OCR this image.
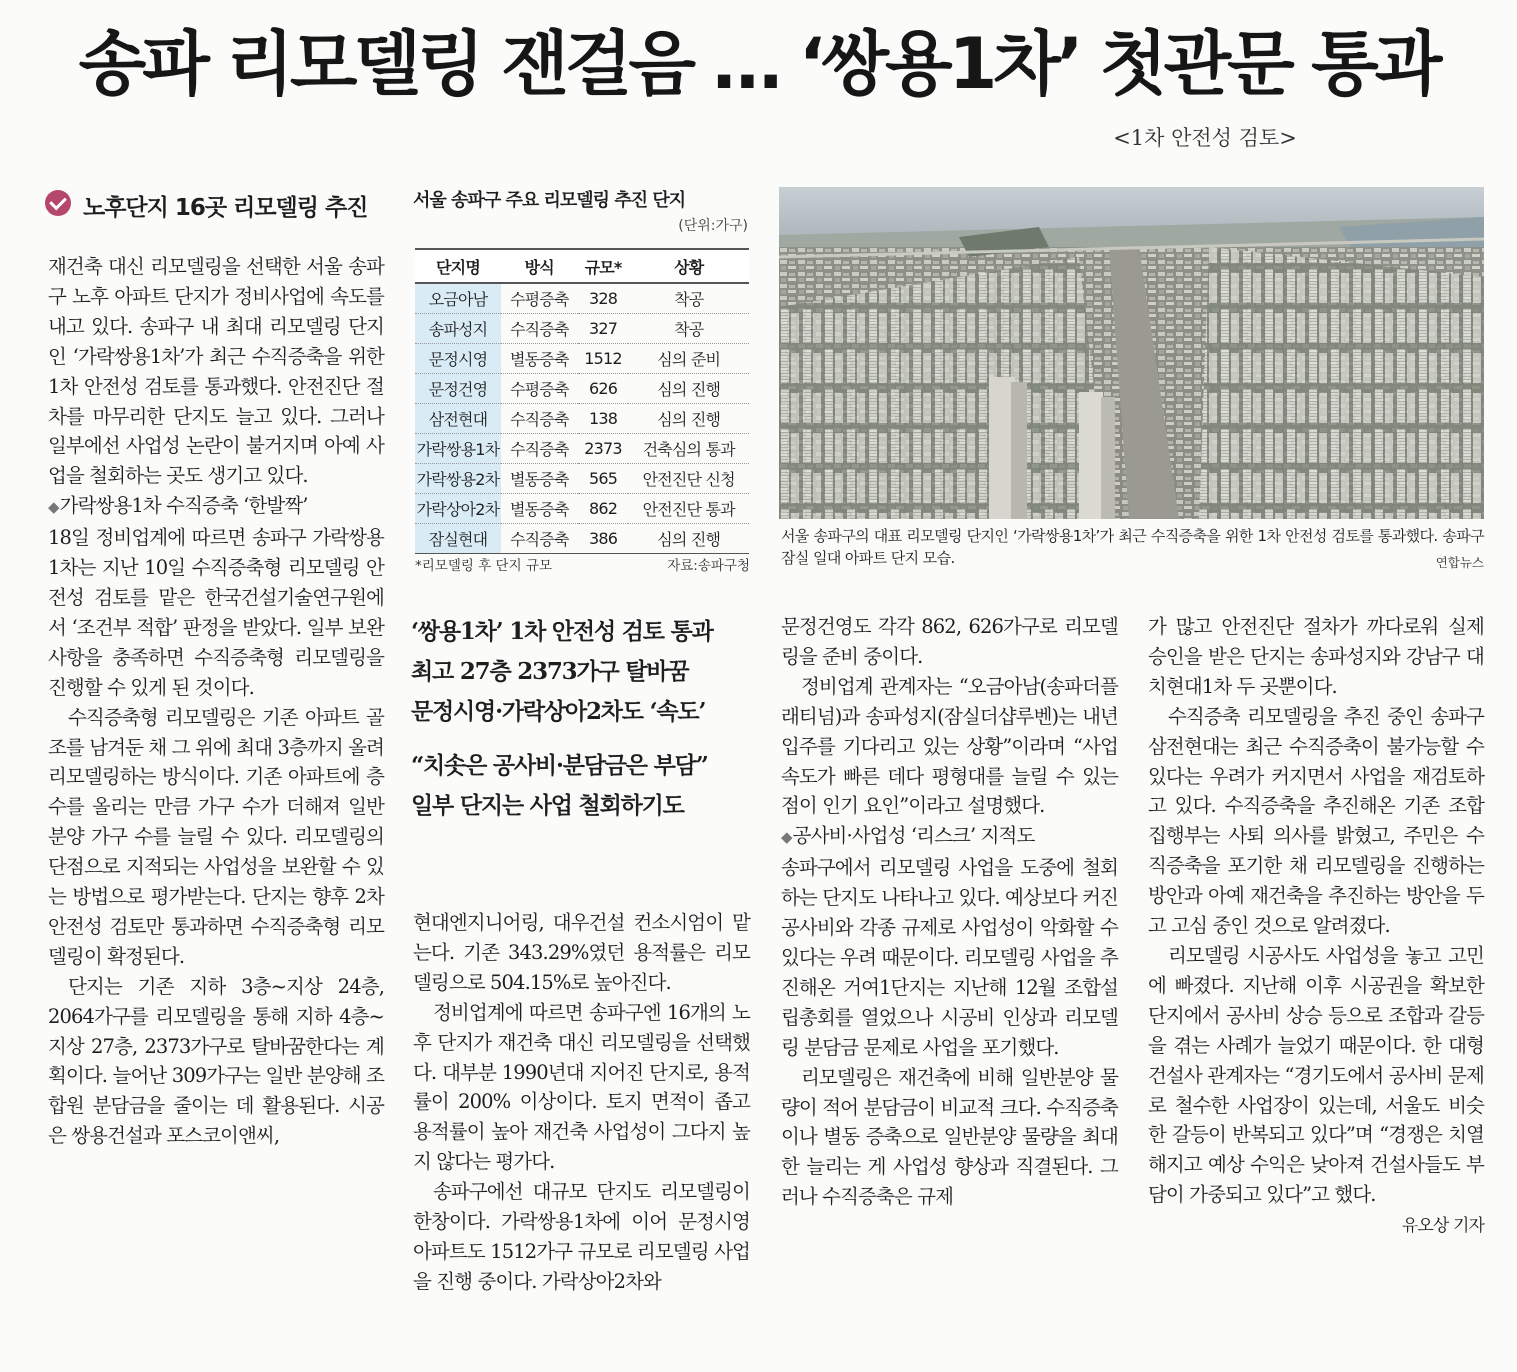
송파 리모델링 잰걸음 … ‘쌍용1차’ 첫관문 통과
<1차 안전성 검토>
노후단지 16곳 리모델링 추진

재건축 대신 리모델링을 선택한 서울 송파구 노후 아파트 단지가 정비사업에 속도를 내고 있다. 송파구 내 최대 리모델링 단지인 ‘가락쌍용1차’가 최근 수직증축을 위한 1차 안전성 검토를 통과했다. 안전진단 절차를 마무리한 단지도 늘고 있다. 그러나 일부에선 사업성 논란이 불거지며 아예 사업을 철회하는 곳도 생기고 있다.

◆ 가락쌍용1차 수직증축 ‘한발짝’

18일 정비업계에 따르면 송파구 가락쌍용1차는 지난 10일 수직증축형 리모델링 안전성 검토를 맡은 한국건설기술연구원에서 ‘조건부 적합’ 판정을 받았다. 일부 보완사항을 충족하면 수직증축형 리모델링을 진행할 수 있게 된 것이다.

수직증축형 리모델링은 기존 아파트 골조를 남겨둔 채 그 위에 최대 3층까지 올려 리모델링하는 방식이다. 기존 아파트에 층수를 올리는 만큼 가구 수가 더해져 일반분양 가구 수를 늘릴 수 있다. 리모델링의 단점으로 지적되는 사업성을 보완할 수 있는 방법으로 평가받는다. 단지는 향후 2차 안전성 검토만 통과하면 수직증축형 리모델링이 확정된다.

단지는 기존 지하 3층~지상 24층, 2064가구를 리모델링을 통해 지하 4층~지상 27층, 2373가구로 탈바꿈한다는 계획이다. 늘어난 309가구는 일반 분양해 조합원 분담금을 줄이는 데 활용된다. 시공은 쌍용건설과 포스코이앤씨,

서울 송파구 주요 리모델링 추진 단지
(단위:가구)
단지명	방식	규모*	상황
오금아남	수평증축	328	착공
송파성지	수직증축	327	착공
문정시영	별동증축	1512	심의 준비
문정건영	수평증축	626	심의 진행
삼전현대	수직증축	138	심의 진행
가락쌍용1차	수직증축	2373	건축심의 통과
가락쌍용2차	별동증축	565	안전진단 신청
가락상아2차	별동증축	862	안전진단 통과
잠실현대	수직증축	386	심의 진행
*리모델링 후 단지 규모	자료:송파구청
서울 송파구의 대표 리모델링 단지인 ‘가락쌍용1차’가 최근 수직증축을 위한 1차 안전성 검토를 통과했다. 송파구 잠실 일대 아파트 단지 모습.	연합뉴스
‘쌍용1차’ 1차 안전성 검토 통과
최고 27층 2373가구 탈바꿈
문정시영·가락상아2차도 ‘속도’
“치솟은 공사비·분담금은 부담”
일부 단지는 사업 철회하기도

현대엔지니어링, 대우건설 컨소시엄이 맡는다. 기존 343.29%였던 용적률은 리모델링으로 504.15%로 높아진다.

정비업계에 따르면 송파구엔 16개의 노후 단지가 재건축 대신 리모델링을 선택했다. 대부분 1990년대 지어진 단지로, 용적률이 200% 이상이다. 토지 면적이 좁고 용적률이 높아 재건축 사업성이 그다지 높지 않다는 평가다.

송파구에선 대규모 단지도 리모델링이 한창이다. 가락쌍용1차에 이어 문정시영아파트도 1512가구 규모로 리모델링 사업을 진행 중이다. 가락상아2차와

문정건영도 각각 862, 626가구로 리모델링을 준비 중이다.

정비업계 관계자는 “오금아남(송파더플래티넘)과 송파성지(잠실더샵루벤)는 내년 입주를 기다리고 있는 상황”이라며 “사업 속도가 빠른 데다 평형대를 늘릴 수 있는 점이 인기 요인”이라고 설명했다.

◆ 공사비·사업성 ‘리스크’ 지적도

송파구에서 리모델링 사업을 도중에 철회하는 단지도 나타나고 있다. 예상보다 커진 공사비와 각종 규제로 사업성이 악화할 수 있다는 우려 때문이다. 리모델링 사업을 추진해온 거여1단지는 지난해 12월 조합설립총회를 열었으나 시공비 인상과 리모델링 분담금 문제로 사업을 포기했다.

리모델링은 재건축에 비해 일반분양 물량이 적어 분담금이 비교적 크다. 수직증축이나 별동 증축으로 일반분양 물량을 최대한 늘리는 게 사업성 향상과 직결된다. 그러나 수직증축은 규제

가 많고 안전진단 절차가 까다로워 실제 승인을 받은 단지는 송파성지와 강남구 대치현대1차 두 곳뿐이다.

수직증축 리모델링을 추진 중인 송파구 삼전현대는 최근 수직증축이 불가능할 수 있다는 우려가 커지면서 사업을 재검토하고 있다. 수직증축을 추진해온 기존 조합 집행부는 사퇴 의사를 밝혔고, 주민은 수직증축을 포기한 채 리모델링을 진행하는 방안과 아예 재건축을 추진하는 방안을 두고 고심 중인 것으로 알려졌다.

리모델링 시공사도 사업성을 놓고 고민에 빠졌다. 지난해 이후 시공권을 확보한 단지에서 공사비 상승 등으로 조합과 갈등을 겪는 사례가 늘었기 때문이다. 한 대형 건설사 관계자는 “경기도에서 공사비 문제로 철수한 사업장이 있는데, 서울도 비슷한 갈등이 반복되고 있다”며 “경쟁은 치열해지고 예상 수익은 낮아져 건설사들도 부담이 가중되고 있다”고 했다.

유오상 기자
